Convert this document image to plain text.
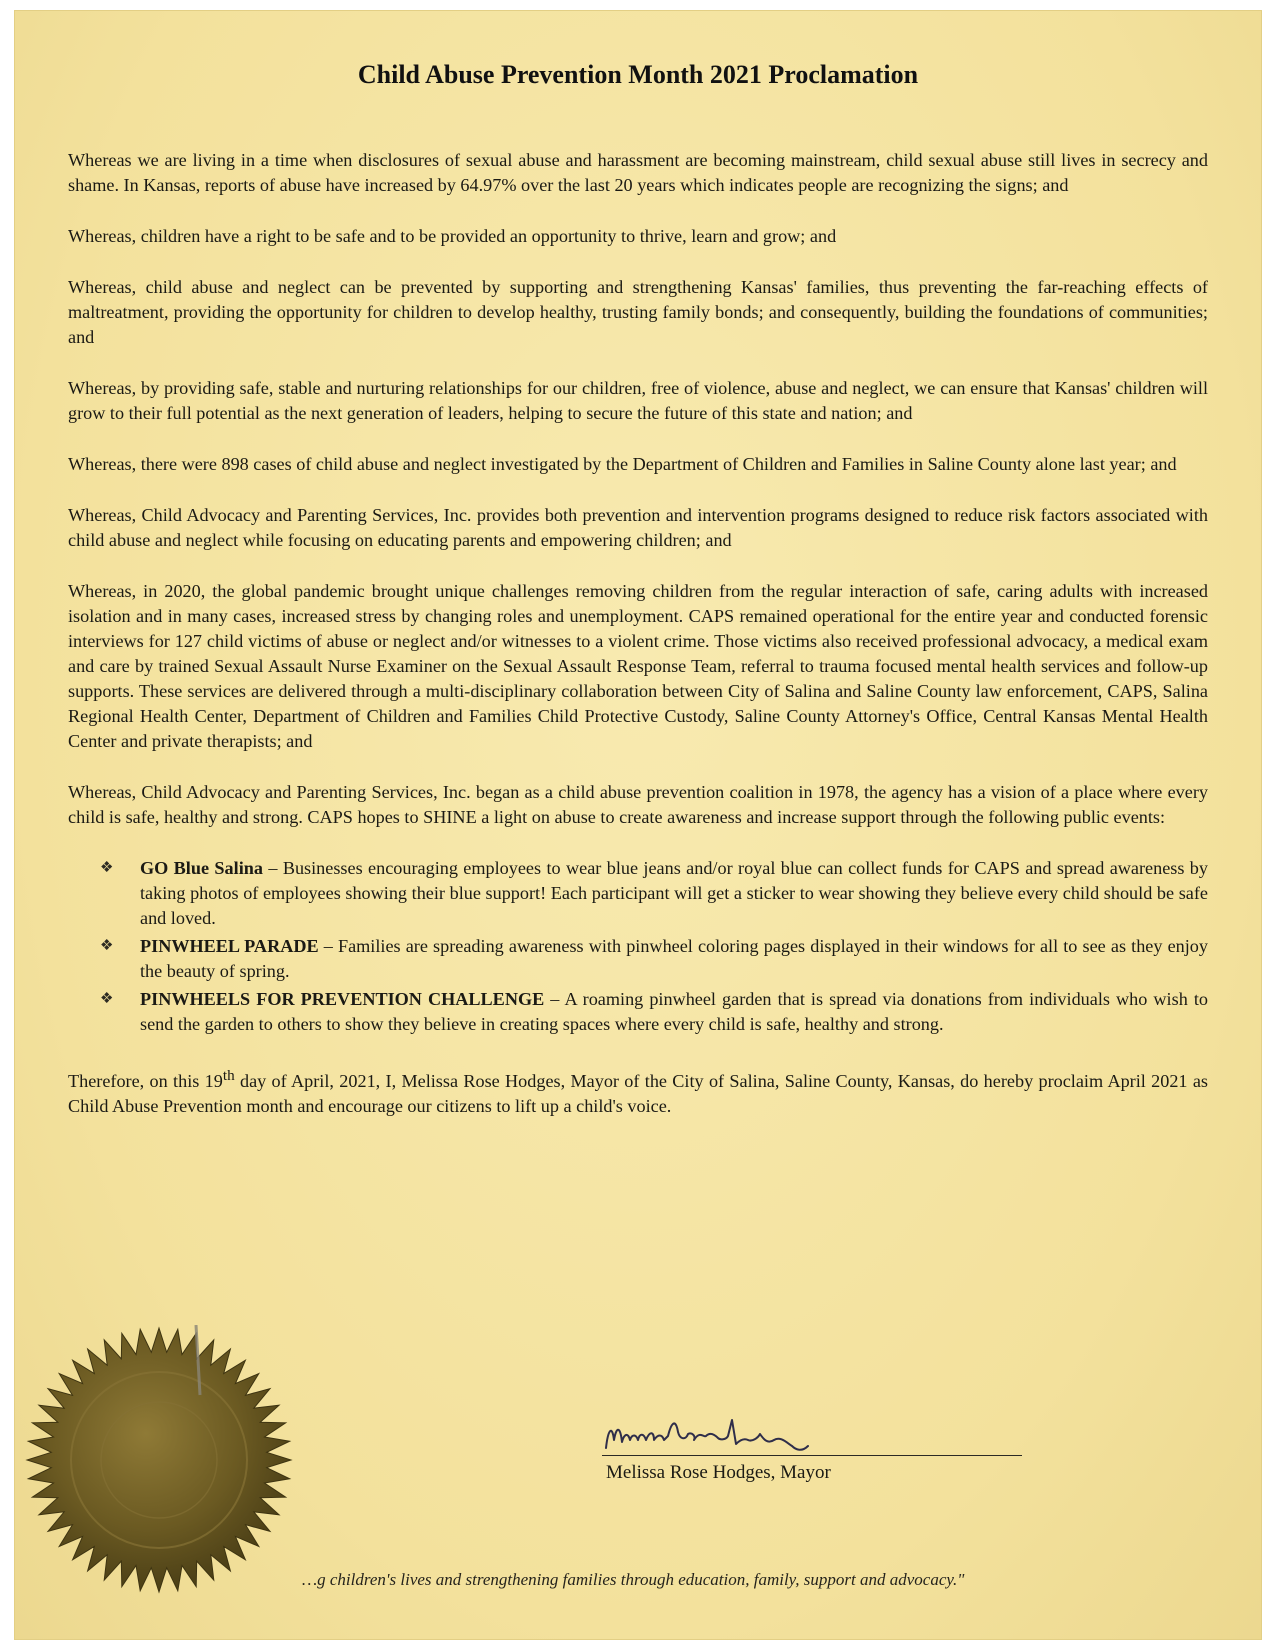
Child Abuse Prevention Month 2021 Proclamation

Whereas we are living in a time when disclosures of sexual abuse and harassment are becoming mainstream, child sexual abuse still lives in secrecy and shame. In Kansas, reports of abuse have increased by 64.97% over the last 20 years which indicates people are recognizing the signs; and

Whereas, children have a right to be safe and to be provided an opportunity to thrive, learn and grow; and

Whereas, child abuse and neglect can be prevented by supporting and strengthening Kansas' families, thus preventing the far-reaching effects of maltreatment, providing the opportunity for children to develop healthy, trusting family bonds; and consequently, building the foundations of communities; and

Whereas, by providing safe, stable and nurturing relationships for our children, free of violence, abuse and neglect, we can ensure that Kansas' children will grow to their full potential as the next generation of leaders, helping to secure the future of this state and nation; and

Whereas, there were 898 cases of child abuse and neglect investigated by the Department of Children and Families in Saline County alone last year; and

Whereas, Child Advocacy and Parenting Services, Inc. provides both prevention and intervention programs designed to reduce risk factors associated with child abuse and neglect while focusing on educating parents and empowering children; and

Whereas, in 2020, the global pandemic brought unique challenges removing children from the regular interaction of safe, caring adults with increased isolation and in many cases, increased stress by changing roles and unemployment. CAPS remained operational for the entire year and conducted forensic interviews for 127 child victims of abuse or neglect and/or witnesses to a violent crime. Those victims also received professional advocacy, a medical exam and care by trained Sexual Assault Nurse Examiner on the Sexual Assault Response Team, referral to trauma focused mental health services and follow-up supports. These services are delivered through a multi-disciplinary collaboration between City of Salina and Saline County law enforcement, CAPS, Salina Regional Health Center, Department of Children and Families Child Protective Custody, Saline County Attorney's Office, Central Kansas Mental Health Center and private therapists; and

Whereas, Child Advocacy and Parenting Services, Inc. began as a child abuse prevention coalition in 1978, the agency has a vision of a place where every child is safe, healthy and strong. CAPS hopes to SHINE a light on abuse to create awareness and increase support through the following public events:

❖ GO Blue Salina – Businesses encouraging employees to wear blue jeans and/or royal blue can collect funds for CAPS and spread awareness by taking photos of employees showing their blue support! Each participant will get a sticker to wear showing they believe every child should be safe and loved.
❖ PINWHEEL PARADE – Families are spreading awareness with pinwheel coloring pages displayed in their windows for all to see as they enjoy the beauty of spring.
❖ PINWHEELS FOR PREVENTION CHALLENGE – A roaming pinwheel garden that is spread via donations from individuals who wish to send the garden to others to show they believe in creating spaces where every child is safe, healthy and strong.

Therefore, on this 19th day of April, 2021, I, Melissa Rose Hodges, Mayor of the City of Salina, Saline County, Kansas, do hereby proclaim April 2021 as Child Abuse Prevention month and encourage our citizens to lift up a child's voice.

Melissa Rose Hodges, Mayor
…g children's lives and strengthening families through education, family, support and advocacy."
